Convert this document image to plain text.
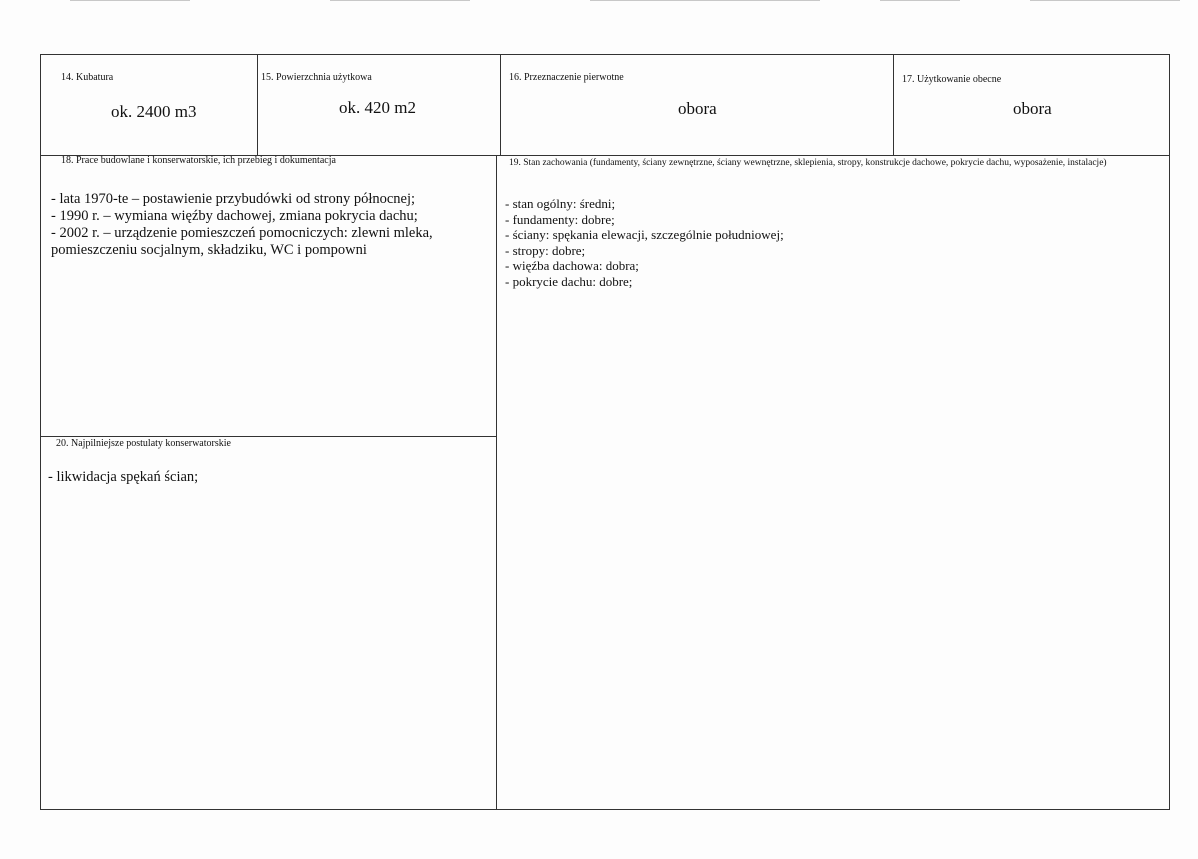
14. Kubatura
ok. 2400 m3
15. Powierzchnia użytkowa
ok. 420 m2
16. Przeznaczenie pierwotne
obora
17. Użytkowanie obecne
obora
18. Prace budowlane i konserwatorskie, ich przebieg i dokumentacja
- lata 1970-te – postawienie przybudówki od strony północnej;
- 1990 r. – wymiana więźby dachowej, zmiana pokrycia dachu;
- 2002 r. – urządzenie pomieszczeń pomocniczych: zlewni mleka,
pomieszczeniu socjalnym, składziku, WC i pompowni
19. Stan zachowania (fundamenty, ściany zewnętrzne, ściany wewnętrzne, sklepienia, stropy, konstrukcje dachowe, pokrycie dachu, wyposażenie, instalacje)
- stan ogólny: średni;
- fundamenty: dobre;
- ściany: spękania elewacji, szczególnie południowej;
- stropy: dobre;
- więźba dachowa: dobra;
- pokrycie dachu: dobre;
20. Najpilniejsze postulaty konserwatorskie
- likwidacja spękań ścian;
